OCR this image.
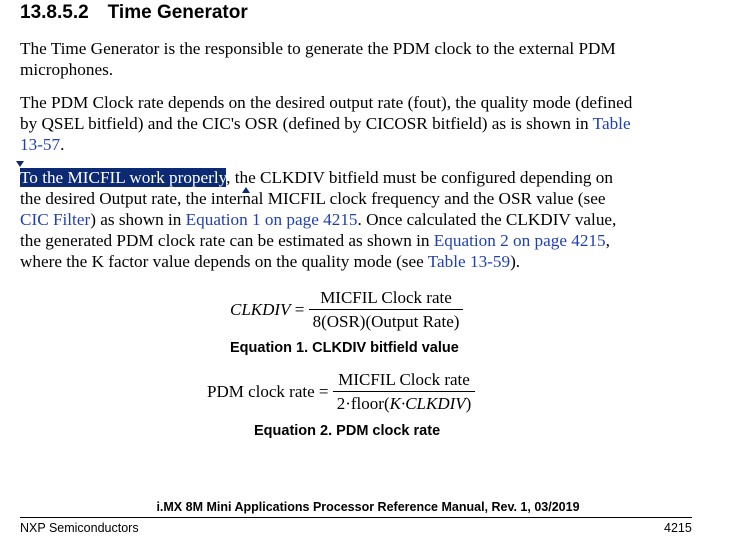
13.8.5.2 Time Generator
The Time Generator is the responsible to generate the PDM clock to the external PDM
microphones.
The PDM Clock rate depends on the desired output rate (fout), the quality mode (defined
by QSEL bitfield) and the CIC's OSR (defined by CICOSR bitfield) as is shown in Table
13-57.
To the MICFIL work properly, the CLKDIV bitfield must be configured depending on
the desired Output rate, the internal MICFIL clock frequency and the OSR value (see
CIC Filter) as shown in Equation 1 on page 4215. Once calculated the CLKDIV value,
the generated PDM clock rate can be estimated as shown in Equation 2 on page 4215,
where the K factor value depends on the quality mode (see Table 13-59).
CLKDIV = $\frac{\text{MICFIL Clock rate}}{\text{8(OSR)(Output Rate)}}$
Equation 1. CLKDIV bitfield value
PDM clock rate = $\frac{\text{MICFIL Clock rate}}{\text{2·floor(K·CLKDIV)}}$
Equation 2. PDM clock rate
i.MX 8M Mini Applications Processor Reference Manual, Rev. 1, 03/2019
NXP Semiconductors	4215
